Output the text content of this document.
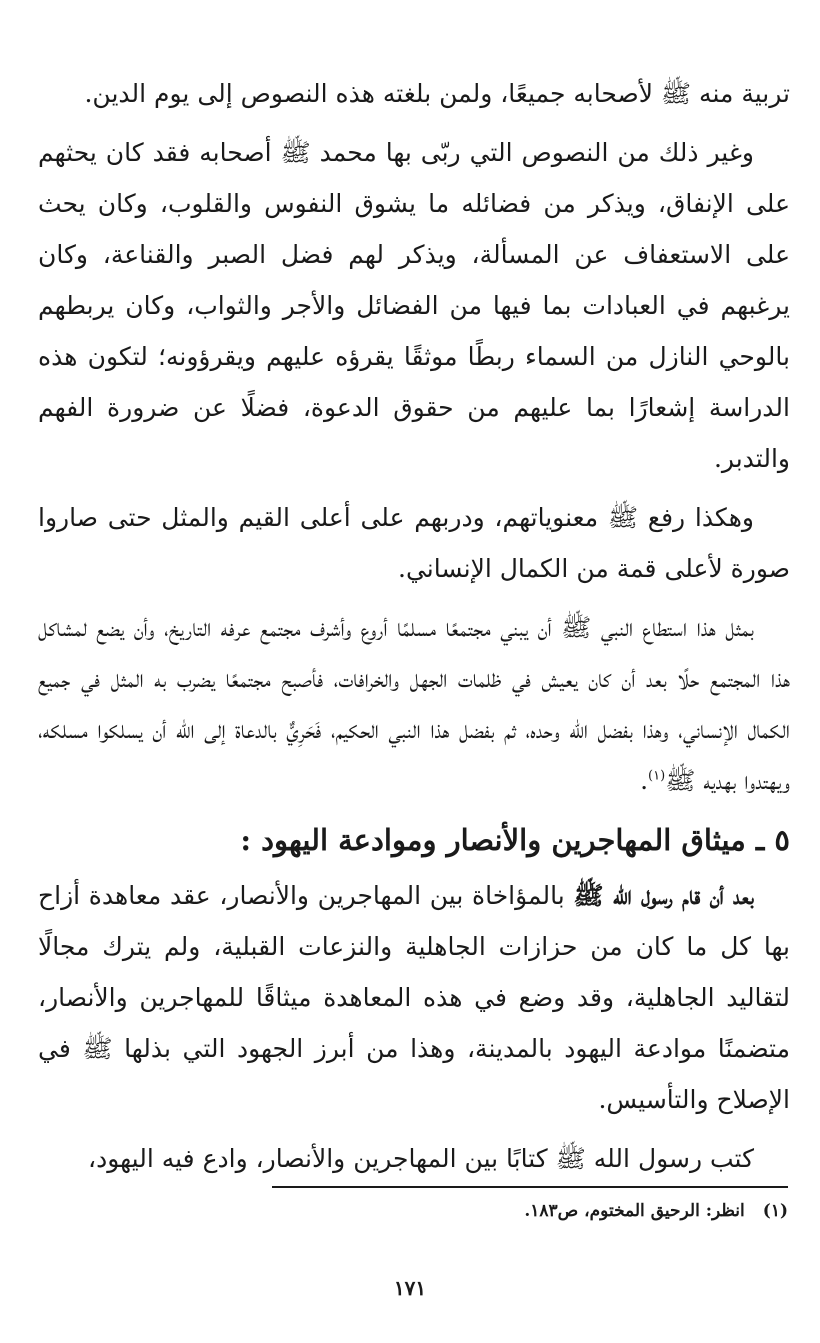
تربية منه ﷺ لأصحابه جميعًا، ولمن بلغته هذه النصوص إلى يوم الدين.

وغير ذلك من النصوص التي ربّى بها محمد ﷺ أصحابه فقد كان يحثهم على الإنفاق، ويذكر من فضائله ما يشوق النفوس والقلوب، وكان يحث على الاستعفاف عن المسألة، ويذكر لهم فضل الصبر والقناعة، وكان يرغبهم في العبادات بما فيها من الفضائل والأجر والثواب، وكان يربطهم بالوحي النازل من السماء ربطًا موثقًا يقرؤه عليهم ويقرؤونه؛ لتكون هذه الدراسة إشعارًا بما عليهم من حقوق الدعوة، فضلًا عن ضرورة الفهم والتدبر.

وهكذا رفع ﷺ معنوياتهم، ودربهم على أعلى القيم والمثل حتى صاروا صورة لأعلى قمة من الكمال الإنساني.

بمثل هذا استطاع النبي ﷺ أن يبني مجتمعًا مسلمًا أروع وأشرف مجتمع عرفه التاريخ، وأن يضع لمشاكل هذا المجتمع حلًا بعد أن كان يعيش في ظلمات الجهل والخرافات، فأصبح مجتمعًا يضرب به المثل في جميع الكمال الإنساني، وهذا بفضل الله وحده، ثم بفضل هذا النبي الحكيم، فَحَرِيٌّ بالدعاة إلى الله أن يسلكوا مسلكه، ويهتدوا بهديه ﷺ$^{(١)}$.

٥ ـ ميثاق المهاجرين والأنصار وموادعة اليهود :

بعد أن قام رسول الله ﷺ بالمؤاخاة بين المهاجرين والأنصار، عقد معاهدة أزاح بها كل ما كان من حزازات الجاهلية والنزعات القبلية، ولم يترك مجالًا لتقاليد الجاهلية، وقد وضع في هذه المعاهدة ميثاقًا للمهاجرين والأنصار، متضمنًا موادعة اليهود بالمدينة، وهذا من أبرز الجهود التي بذلها ﷺ في الإصلاح والتأسيس.

كتب رسول الله ﷺ كتابًا بين المهاجرين والأنصار، وادع فيه اليهود،

(١)انظر: الرحيق المختوم، ص١٨٣.
١٧١
